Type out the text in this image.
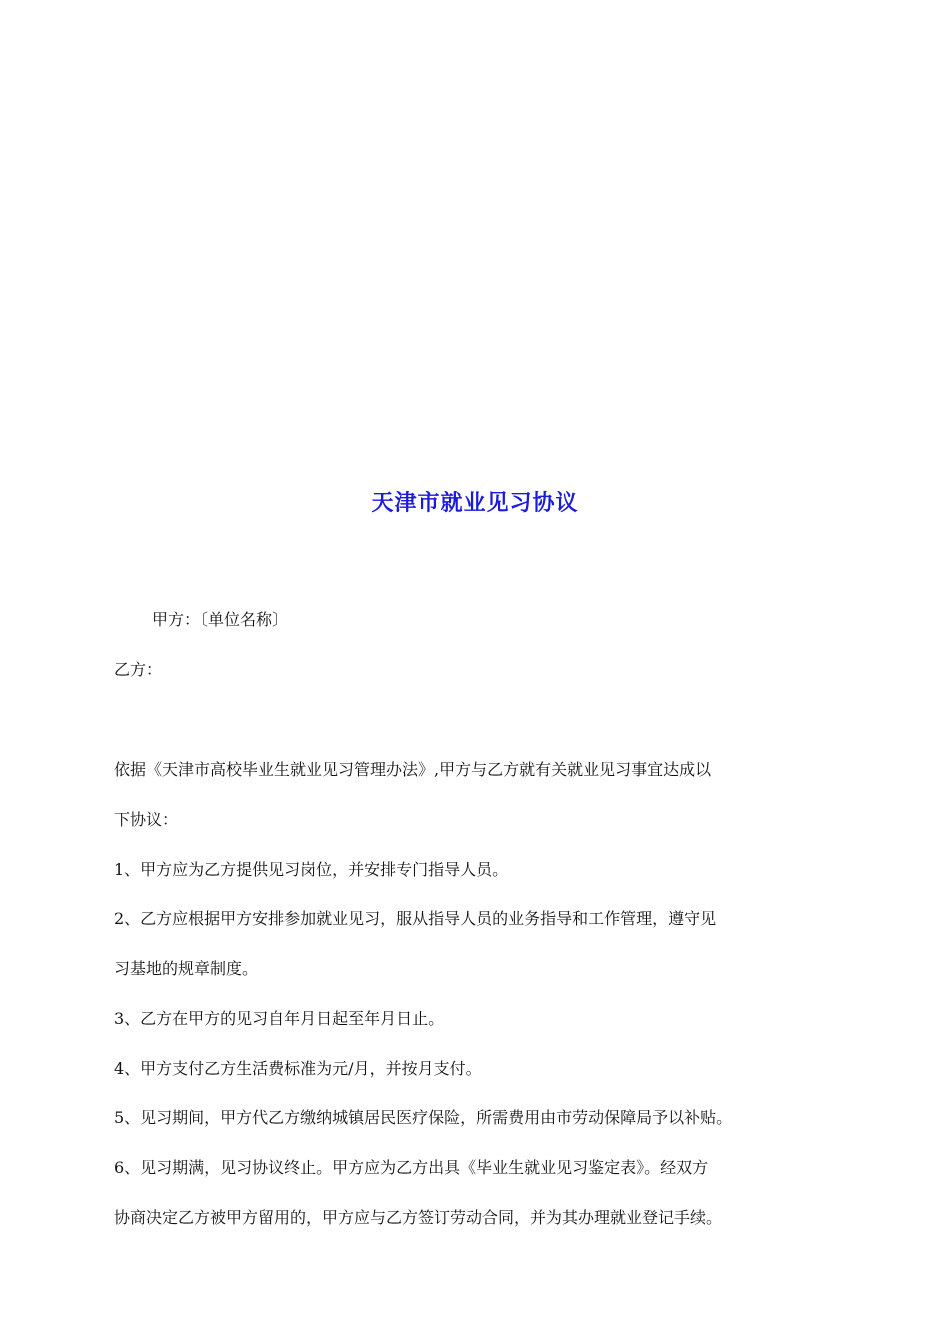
天津市就业见习协议
甲方：〔单位名称〕
乙方：
依据《天津市高校毕业生就业见习管理办法》,甲方与乙方就有关就业见习事宜达成以
下协议：
1、甲方应为乙方提供见习岗位，并安排专门指导人员。
2、乙方应根据甲方安排参加就业见习，服从指导人员的业务指导和工作管理，遵守见
习基地的规章制度。
3、乙方在甲方的见习自年月日起至年月日止。
4、甲方支付乙方生活费标准为元/月，并按月支付。
5、见习期间，甲方代乙方缴纳城镇居民医疗保险，所需费用由市劳动保障局予以补贴。
6、见习期满，见习协议终止。甲方应为乙方出具《毕业生就业见习鉴定表》。经双方
协商决定乙方被甲方留用的，甲方应与乙方签订劳动合同，并为其办理就业登记手续。
